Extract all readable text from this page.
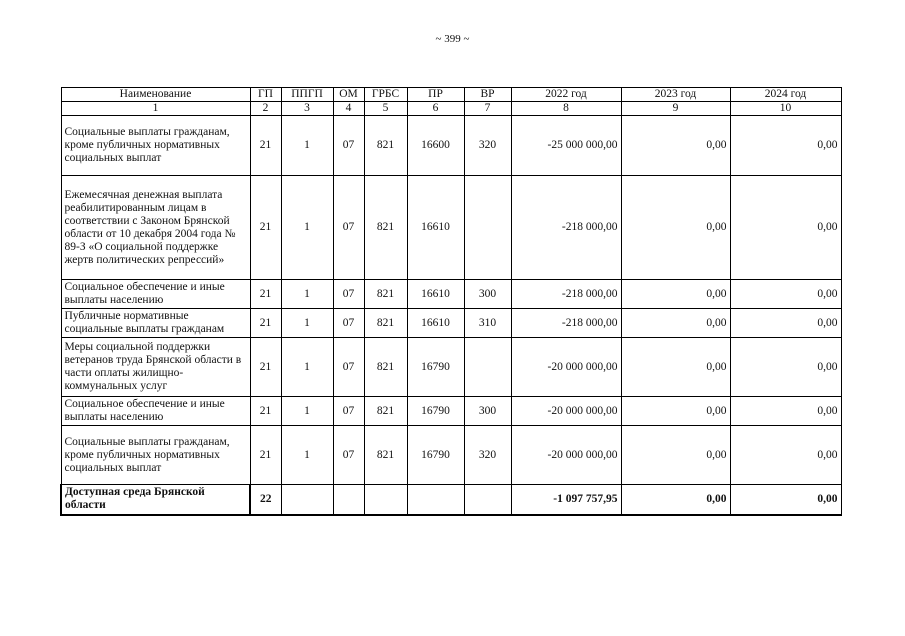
~ 399 ~
Наименование	ГП	ППГП	ОМ	ГРБС	ПР	ВР	2022 год	2023 год	2024 год
1	2	3	4	5	6	7	8	9	10
Социальные выплаты гражданам, кроме публичных нормативных социальных выплат	21	1	07	821	16600	320	-25 000 000,00	0,00	0,00
Ежемесячная денежная выплата реабилитированным лицам в соответствии с Законом Брянской области от 10 декабря 2004 года № 89-З «О социальной поддержке жертв политических репрессий»	21	1	07	821	16610		-218 000,00	0,00	0,00
Социальное обеспечение и иные выплаты населению	21	1	07	821	16610	300	-218 000,00	0,00	0,00
Публичные нормативные социальные выплаты гражданам	21	1	07	821	16610	310	-218 000,00	0,00	0,00
Меры социальной поддержки ветеранов труда Брянской области в части оплаты жилищно-коммунальных услуг	21	1	07	821	16790		-20 000 000,00	0,00	0,00
Социальное обеспечение и иные выплаты населению	21	1	07	821	16790	300	-20 000 000,00	0,00	0,00
Социальные выплаты гражданам, кроме публичных нормативных социальных выплат	21	1	07	821	16790	320	-20 000 000,00	0,00	0,00
Доступная среда Брянской области	22						-1 097 757,95	0,00	0,00
